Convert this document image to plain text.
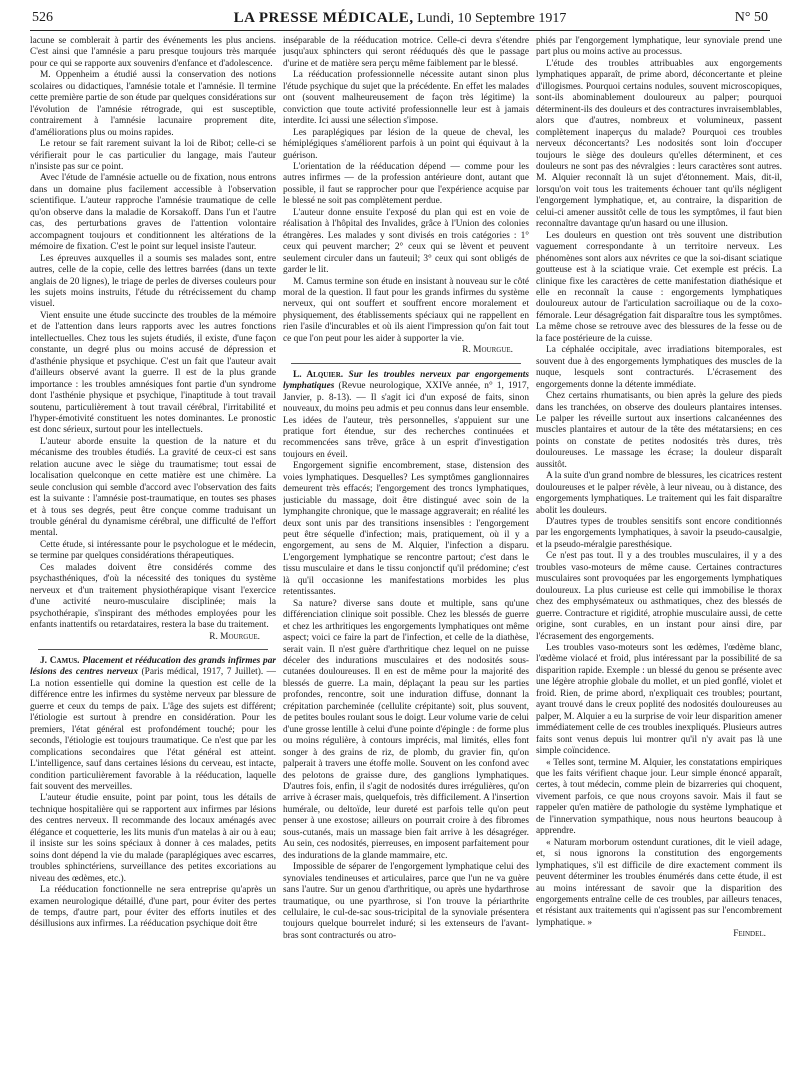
526	LA PRESSE MÉDICALE, Lundi, 10 Septembre 1917	N° 50

lacune se comblerait à partir des événements les plus anciens. C'est ainsi que l'amnésie a paru presque toujours très marquée pour ce qui se rapporte aux souvenirs d'enfance et d'adolescence.

M. Oppenheim a étudié aussi la conservation des notions scolaires ou didactiques, l'amnésie totale et l'amnésie. Il termine cette première partie de son étude par quelques considérations sur l'évolution de l'amnésie rétrograde, qui est susceptible, contrairement à l'amnésie lacunaire proprement dite, d'améliorations plus ou moins rapides.

Le retour se fait rarement suivant la loi de Ribot; celle-ci se vérifierait pour le cas particulier du langage, mais l'auteur n'insiste pas sur ce point.

Avec l'étude de l'amnésie actuelle ou de fixation, nous entrons dans un domaine plus facilement accessible à l'observation scientifique. L'auteur rapproche l'amnésie traumatique de celle qu'on observe dans la maladie de Korsakoff. Dans l'un et l'autre cas, des perturbations graves de l'attention volontaire accompagnent toujours et conditionnent les altérations de la mémoire de fixation. C'est le point sur lequel insiste l'auteur.

Les épreuves auxquelles il a soumis ses malades sont, entre autres, celle de la copie, celle des lettres barrées (dans un texte anglais de 20 lignes), le triage de perles de diverses couleurs pour les sujets moins instruits, l'étude du rétrécissement du champ visuel.

Vient ensuite une étude succincte des troubles de la mémoire et de l'attention dans leurs rapports avec les autres fonctions intellectuelles. Chez tous les sujets étudiés, il existe, d'une façon constante, un degré plus ou moins accusé de dépression et d'asthénie physique et psychique. C'est un fait que l'auteur avait d'ailleurs observé avant la guerre. Il est de la plus grande importance : les troubles amnésiques font partie d'un syndrome dont l'asthénie physique et psychique, l'inaptitude à tout travail soutenu, particulièrement à tout travail cérébral, l'irritabilité et l'hyper-émotivité constituent les notes dominantes. Le pronostic est donc sérieux, surtout pour les intellectuels.

L'auteur aborde ensuite la question de la nature et du mécanisme des troubles étudiés. La gravité de ceux-ci est sans relation aucune avec le siège du traumatisme; tout essai de localisation quelconque en cette matière est une chimère. La seule conclusion qui semble d'accord avec l'observation des faits est la suivante : l'amnésie post-traumatique, en toutes ses phases et à tous ses degrés, peut être conçue comme traduisant un trouble général du dynamisme cérébral, une difficulté de l'effort mental.

Cette étude, si intéressante pour le psychologue et le médecin, se termine par quelques considérations thérapeutiques.

Ces malades doivent être considérés comme des psychasthéniques, d'où la nécessité des toniques du système nerveux et d'un traitement physiothérapique visant l'exercice d'une activité neuro-musculaire disciplinée; mais la psychothérapie, s'inspirant des méthodes employées pour les enfants inattentifs ou retardataires, restera la base du traitement.

R. Mourgue.

J. Camus. Placement et rééducation des grands infirmes par lésions des centres nerveux (Paris médical, 1917, 7 Juillet). — La notion essentielle qui domine la question est celle de la différence entre les infirmes du système nerveux par blessure de guerre et ceux du temps de paix. L'âge des sujets est différent; l'étiologie est surtout à prendre en considération. Pour les premiers, l'état général est profondément touché; pour les seconds, l'étiologie est toujours traumatique. Ce n'est que par les complications secondaires que l'état général est atteint. L'intelligence, sauf dans certaines lésions du cerveau, est intacte, condition particulièrement favorable à la rééducation, laquelle fait souvent des merveilles.

L'auteur étudie ensuite, point par point, tous les détails de technique hospitalière qui se rapportent aux infirmes par lésions des centres nerveux. Il recommande des locaux aménagés avec élégance et coquetterie, les lits munis d'un matelas à air ou à eau; il insiste sur les soins spéciaux à donner à ces malades, petits soins dont dépend la vie du malade (paraplégiques avec escarres, troubles sphinctériens, surveillance des petites excoriations au niveau des œdèmes, etc.).

La rééducation fonctionnelle ne sera entreprise qu'après un examen neurologique détaillé, d'une part, pour éviter des pertes de temps, d'autre part, pour éviter des efforts inutiles et des désillusions aux infirmes. La rééducation psychique doit être

inséparable de la rééducation motrice. Celle-ci devra s'étendre jusqu'aux sphincters qui seront rééduqués dès que le passage d'urine et de matière sera perçu même faiblement par le blessé.

La rééducation professionnelle nécessite autant sinon plus l'étude psychique du sujet que la précédente. En effet les malades ont (souvent malheureusement de façon très légitime) la conviction que toute activité professionnelle leur est à jamais interdite. Ici aussi une sélection s'impose.

Les paraplégiques par lésion de la queue de cheval, les hémiplégiques s'améliorent parfois à un point qui équivaut à la guérison.

L'orientation de la rééducation dépend — comme pour les autres infirmes — de la profession antérieure dont, autant que possible, il faut se rapprocher pour que l'expérience acquise par le blessé ne soit pas complètement perdue.

L'auteur donne ensuite l'exposé du plan qui est en voie de réalisation à l'hôpital des Invalides, grâce à l'Union des colonies étrangères. Les malades y sont divisés en trois catégories : 1° ceux qui peuvent marcher; 2° ceux qui se lèvent et peuvent seulement circuler dans un fauteuil; 3° ceux qui sont obligés de garder le lit.

M. Camus termine son étude en insistant à nouveau sur le côté moral de la question. Il faut pour les grands infirmes du système nerveux, qui ont souffert et souffrent encore moralement et physiquement, des établissements spéciaux qui ne rappellent en rien l'asile d'incurables et où ils aient l'impression qu'on fait tout ce que l'on peut pour les aider à supporter la vie.

R. Mourgue.

L. Alquier. Sur les troubles nerveux par engorgements lymphatiques (Revue neurologique, XXIVe année, n° 1, 1917, Janvier, p. 8-13). — Il s'agit ici d'un exposé de faits, sinon nouveaux, du moins peu admis et peu connus dans leur ensemble. Les idées de l'auteur, très personnelles, s'appuient sur une pratique fort étendue, sur des recherches continuées et recommencées sans trêve, grâce à un esprit d'investigation toujours en éveil.

Engorgement signifie encombrement, stase, distension des voies lymphatiques. Desquelles? Les symptômes ganglionnaires demeurent très effacés; l'engorgement des troncs lymphatiques, justiciable du massage, doit être distingué avec soin de la lymphangite chronique, que le massage aggraverait; en réalité les deux sont unis par des transitions insensibles : l'engorgement peut être séquelle d'infection; mais, pratiquement, où il y a engorgement, au sens de M. Alquier, l'infection a disparu. L'engorgement lymphatique se rencontre partout; c'est dans le tissu musculaire et dans le tissu conjonctif qu'il prédomine; c'est là qu'il occasionne les manifestations morbides les plus retentissantes.

Sa nature? diverse sans doute et multiple, sans qu'une différenciation clinique soit possible. Chez les blessés de guerre et chez les arthritiques les engorgements lymphatiques ont même aspect; voici ce faire la part de l'infection, et celle de la diathèse, serait vain. Il n'est guère d'arthritique chez lequel on ne puisse déceler des indurations musculaires et des nodosités sous-cutanées douloureuses. Il en est de même pour la majorité des blessés de guerre. La main, déplaçant la peau sur les parties profondes, rencontre, soit une induration diffuse, donnant la crépitation parcheminée (cellulite crépitante) soit, plus souvent, de petites boules roulant sous le doigt. Leur volume varie de celui d'une grosse lentille à celui d'une pointe d'épingle : de forme plus ou moins régulière, à contours imprécis, mal limités, elles font songer à des grains de riz, de plomb, du gravier fin, qu'on palperait à travers une étoffe molle. Souvent on les confond avec des pelotons de graisse dure, des ganglions lymphatiques. D'autres fois, enfin, il s'agit de nodosités dures irrégulières, qu'on arrive à écraser mais, quelquefois, très difficilement. A l'insertion humérale, ou deltoïde, leur dureté est parfois telle qu'on peut penser à une exostose; ailleurs on pourrait croire à des fibromes sous-cutanés, mais un massage bien fait arrive à les désagréger. Au sein, ces nodosités, pierreuses, en imposent parfaitement pour des indurations de la glande mammaire, etc.

Impossible de séparer de l'engorgement lymphatique celui des synoviales tendineuses et articulaires, parce que l'un ne va guère sans l'autre. Sur un genou d'arthritique, ou après une hydarthrose traumatique, ou une pyarthrose, si l'on trouve la périarthrite cellulaire, le cul-de-sac sous-tricipital de la synoviale présentera toujours quelque bourrelet induré; si les extenseurs de l'avant-bras sont contracturés ou atro-

phiés par l'engorgement lymphatique, leur synoviale prend une part plus ou moins active au processus.

L'étude des troubles attribuables aux engorgements lymphatiques apparaît, de prime abord, déconcertante et pleine d'illogismes. Pourquoi certains nodules, souvent microscopiques, sont-ils abominablement douloureux au palper; pourquoi déterminent-ils des douleurs et des contractures invraisemblables, alors que d'autres, nombreux et volumineux, passent complètement inaperçus du malade? Pourquoi ces troubles nerveux déconcertants? Les nodosités sont loin d'occuper toujours le siège des douleurs qu'elles déterminent, et ces douleurs ne sont pas des névralgies : leurs caractères sont autres. M. Alquier reconnaît là un sujet d'étonnement. Mais, dit-il, lorsqu'on voit tous les traitements échouer tant qu'ils négligent l'engorgement lymphatique, et, au contraire, la disparition de celui-ci amener aussitôt celle de tous les symptômes, il faut bien reconnaître davantage qu'un hasard ou une illusion.

Les douleurs en question ont très souvent une distribution vaguement correspondante à un territoire nerveux. Les phénomènes sont alors aux névrites ce que la soi-disant sciatique goutteuse est à la sciatique vraie. Cet exemple est précis. La clinique fixe les caractères de cette manifestation diathésique et elle en reconnaît la cause : engorgements lymphatiques douloureux autour de l'articulation sacroiliaque ou de la coxo-fémorale. Leur désagrégation fait disparaître tous les symptômes. La même chose se retrouve avec des blessures de la fesse ou de la face postérieure de la cuisse.

La céphalée occipitale, avec irradiations bitemporales, est souvent due à des engorgements lymphatiques des muscles de la nuque, lesquels sont contracturés. L'écrasement des engorgements donne la détente immédiate.

Chez certains rhumatisants, ou bien après la gelure des pieds dans les tranchées, on observe des douleurs plantaires intenses. Le palper les réveille surtout aux insertions calcanéennes des muscles plantaires et autour de la tête des métatarsiens; en ces points on constate de petites nodosités très dures, très douloureuses. Le massage les écrase; la douleur disparaît aussitôt.

A la suite d'un grand nombre de blessures, les cicatrices restent douloureuses et le palper révèle, à leur niveau, ou à distance, des engorgements lymphatiques. Le traitement qui les fait disparaître abolit les douleurs.

D'autres types de troubles sensitifs sont encore conditionnés par les engorgements lymphatiques, à savoir la pseudo-causalgie, et la pseudo-méralgie paresthésique.

Ce n'est pas tout. Il y a des troubles musculaires, il y a des troubles vaso-moteurs de même cause. Certaines contractures musculaires sont provoquées par les engorgements lymphatiques douloureux. La plus curieuse est celle qui immobilise le thorax chez des emphysémateux ou asthmatiques, chez des blessés de guerre. Contracture et rigidité, atrophie musculaire aussi, de cette origine, sont curables, en un instant pour ainsi dire, par l'écrasement des engorgements.

Les troubles vaso-moteurs sont les œdèmes, l'œdème blanc, l'œdème violacé et froid, plus intéressant par la possibilité de sa disparition rapide. Exemple : un blessé du genou se présente avec une légère atrophie globale du mollet, et un pied gonflé, violet et froid. Rien, de prime abord, n'expliquait ces troubles; pourtant, ayant trouvé dans le creux poplité des nodosités douloureuses au palper, M. Alquier a eu la surprise de voir leur disparition amener immédiatement celle de ces troubles inexpliqués. Plusieurs autres faits sont venus depuis lui montrer qu'il n'y avait pas là une simple coïncidence.

« Telles sont, termine M. Alquier, les constatations empiriques que les faits vérifient chaque jour. Leur simple énoncé apparaît, certes, à tout médecin, comme plein de bizarreries qui choquent, vivement parfois, ce que nous croyons savoir. Mais il faut se rappeler qu'en matière de pathologie du système lymphatique et de l'innervation sympathique, nous nous heurtons beaucoup à apprendre.

« Naturam morborum ostendunt curationes, dit le vieil adage, et, si nous ignorons la constitution des engorgements lymphatiques, s'il est difficile de dire exactement comment ils peuvent déterminer les troubles énumérés dans cette étude, il est au moins intéressant de savoir que la disparition des engorgements entraîne celle de ces troubles, par ailleurs tenaces, et résistant aux traitements qui n'agissent pas sur l'encombrement lymphatique. »

Feindel.
